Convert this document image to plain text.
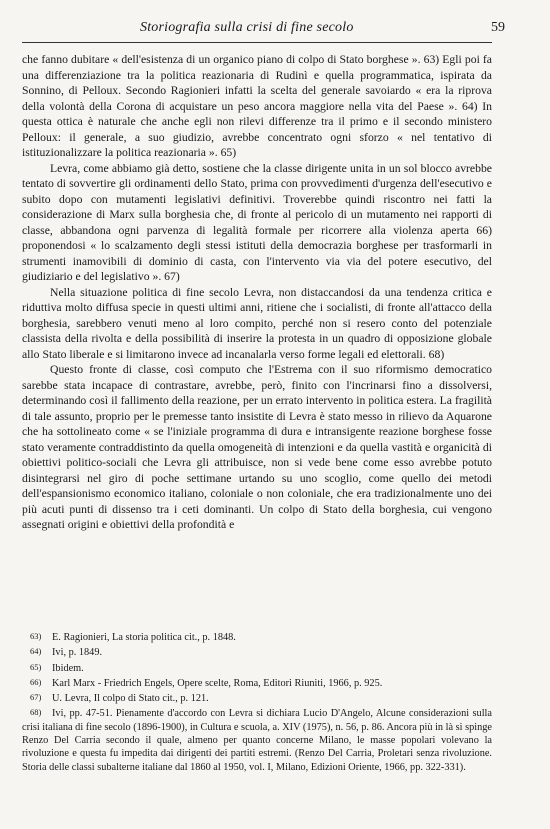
Storiografia sulla crisi di fine secolo	59

che fanno dubitare « dell'esistenza di un organico piano di colpo di Stato borghese ». 63) Egli poi fa una differenziazione tra la politica reazionaria di Rudinì e quella programmatica, ispirata da Sonnino, di Pelloux. Secondo Ragionieri infatti la scelta del generale savoiardo « era la riprova della volontà della Corona di acquistare un peso ancora maggiore nella vita del Paese ». 64) In questa ottica è naturale che anche egli non rilevi differenze tra il primo e il secondo ministero Pelloux: il generale, a suo giudizio, avrebbe concentrato ogni sforzo « nel tentativo di istituzionalizzare la politica reazionaria ». 65)

Levra, come abbiamo già detto, sostiene che la classe dirigente unita in un sol blocco avrebbe tentato di sovvertire gli ordinamenti dello Stato, prima con provvedimenti d'urgenza dell'esecutivo e subito dopo con mutamenti legislativi definitivi. Troverebbe quindi riscontro nei fatti la considerazione di Marx sulla borghesia che, di fronte al pericolo di un mutamento nei rapporti di classe, abbandona ogni parvenza di legalità formale per ricorrere alla violenza aperta 66) proponendosi « lo scalzamento degli stessi istituti della democrazia borghese per trasformarli in strumenti inamovibili di dominio di casta, con l'intervento via via del potere esecutivo, del giudiziario e del legislativo ». 67)

Nella situazione politica di fine secolo Levra, non distaccandosi da una tendenza critica e riduttiva molto diffusa specie in questi ultimi anni, ritiene che i socialisti, di fronte all'attacco della borghesia, sarebbero venuti meno al loro compito, perché non si resero conto del potenziale classista della rivolta e della possibilità di inserire la protesta in un quadro di opposizione globale allo Stato liberale e si limitarono invece ad incanalarla verso forme legali ed elettorali. 68)

Questo fronte di classe, così computo che l'Estrema con il suo riformismo democratico sarebbe stata incapace di contrastare, avrebbe, però, finito con l'incrinarsi fino a dissolversi, determinando così il fallimento della reazione, per un errato intervento in politica estera. La fragilità di tale assunto, proprio per le premesse tanto insistite di Levra è stato messo in rilievo da Aquarone che ha sottolineato come « se l'iniziale programma di dura e intransigente reazione borghese fosse stato veramente contraddistinto da quella omogeneità di intenzioni e da quella vastità e organicità di obiettivi politico-sociali che Levra gli attribuisce, non si vede bene come esso avrebbe potuto disintegrarsi nel giro di poche settimane urtando su uno scoglio, come quello dei metodi dell'espansionismo economico italiano, coloniale o non coloniale, che era tradizionalmente uno dei più acuti punti di dissenso tra i ceti dominanti. Un colpo di Stato della borghesia, cui vengono assegnati origini e obiettivi della profondità e

63) E. Ragionieri, La storia politica cit., p. 1848.

64) Ivi, p. 1849.

65) Ibidem.

66) Karl Marx - Friedrich Engels, Opere scelte, Roma, Editori Riuniti, 1966, p. 925.

67) U. Levra, Il colpo di Stato cit., p. 121.

68) Ivi, pp. 47-51. Pienamente d'accordo con Levra si dichiara Lucio D'Angelo, Alcune considerazioni sulla crisi italiana di fine secolo (1896-1900), in Cultura e scuola, a. XIV (1975), n. 56, p. 86. Ancora più in là si spinge Renzo Del Carria secondo il quale, almeno per quanto concerne Milano, le masse popolari volevano la rivoluzione e questa fu impedita dai dirigenti dei partiti estremi. (Renzo Del Carria, Proletari senza rivoluzione. Storia delle classi subalterne italiane dal 1860 al 1950, vol. I, Milano, Edizioni Oriente, 1966, pp. 322-331).
